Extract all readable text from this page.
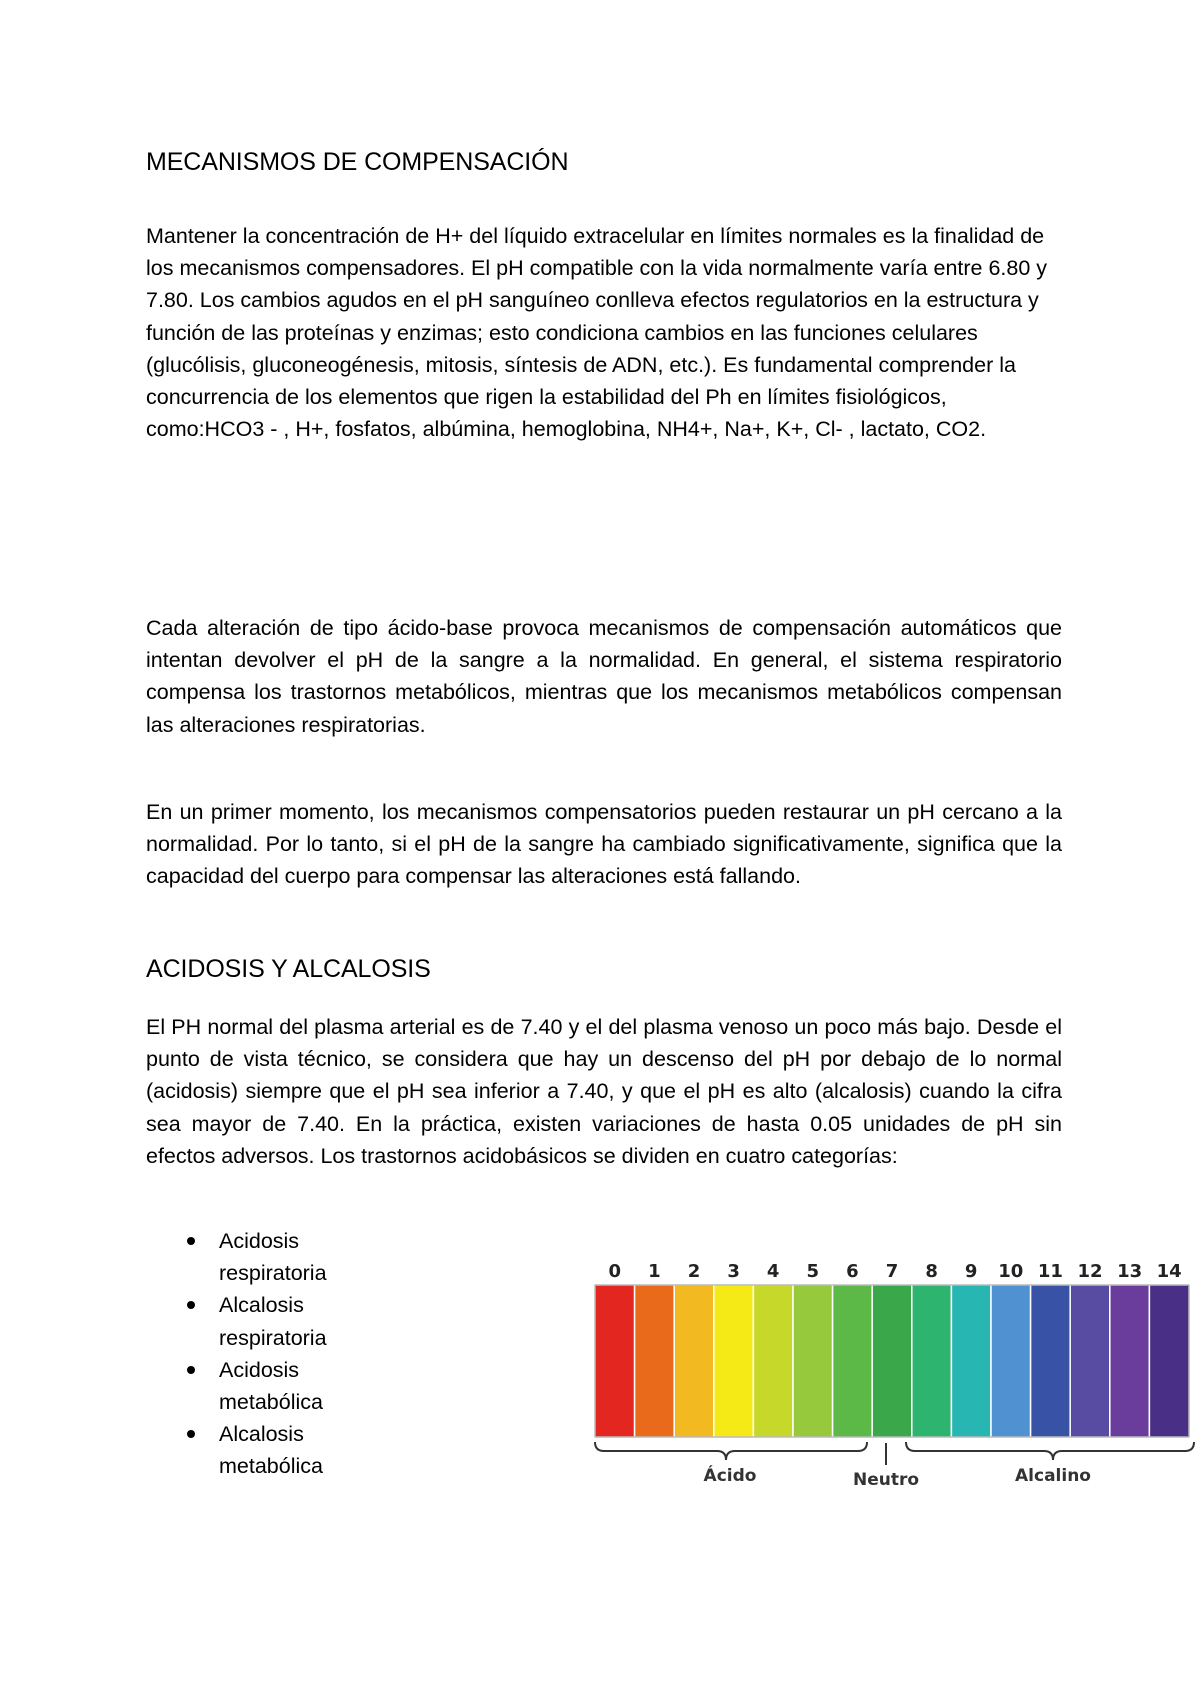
MECANISMOS DE COMPENSACIÓN

Mantener la concentración de H+ del líquido extracelular en límites normales es la finalidad de los mecanismos compensadores. El pH compatible con la vida normalmente varía entre 6.80 y 7.80. Los cambios agudos en el pH sanguíneo conlleva efectos regulatorios en la estructura y función de las proteínas y enzimas; esto condiciona cambios en las funciones celulares (glucólisis, gluconeogénesis, mitosis, síntesis de ADN, etc.). Es fundamental comprender la concurrencia de los elementos que rigen la estabilidad del Ph en límites fisiológicos, como:HCO3 - , H+, fosfatos, albúmina, hemoglobina, NH4+, Na+, K+, Cl- , lactato, CO2.

Cada alteración de tipo ácido-base provoca mecanismos de compensación automáticos que intentan devolver el pH de la sangre a la normalidad. En general, el sistema respiratorio compensa los trastornos metabólicos, mientras que los mecanismos metabólicos compensan las alteraciones respiratorias.

En un primer momento, los mecanismos compensatorios pueden restaurar un pH cercano a la normalidad. Por lo tanto, si el pH de la sangre ha cambiado significativamente, significa que la capacidad del cuerpo para compensar las alteraciones está fallando.

ACIDOSIS Y ALCALOSIS

El PH normal del plasma arterial es de 7.40 y el del plasma venoso un poco más bajo. Desde el punto de vista técnico, se considera que hay un descenso del pH por debajo de lo normal (acidosis) siempre que el pH sea inferior a 7.40, y que el pH es alto (alcalosis) cuando la cifra sea mayor de 7.40. En la práctica, existen variaciones de hasta 0.05 unidades de pH sin efectos adversos. Los trastornos acidobásicos se dividen en cuatro categorías:

Acidosis respiratoria
Alcalosis respiratoria
Acidosis metabólica
Alcalosis metabólica
0 1 2 3 4 5 6 7 8 9 10 11 12 13 14
Ácido	Neutro	Alcalino
